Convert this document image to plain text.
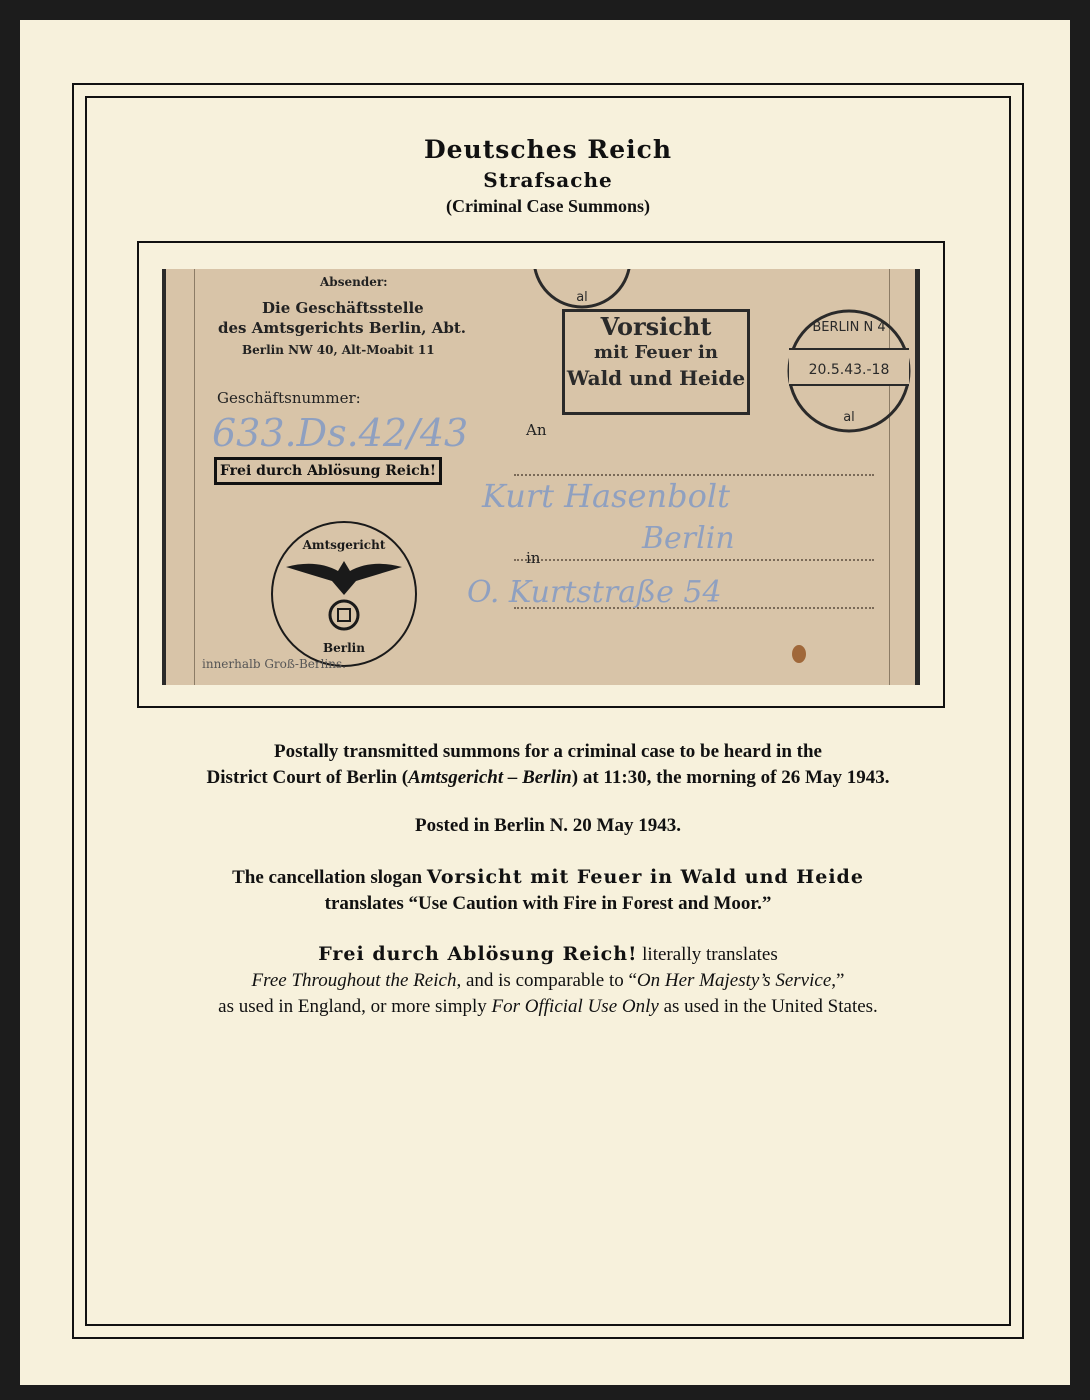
Deutsches Reich
Strafsache
(Criminal Case Summons)
Absender:
Die Geschäftsstelle
des Amtsgerichts Berlin, Abt.
Berlin NW 40, Alt-Moabit 11
Geschäftsnummer:
633.Ds.42/43
Frei durch Ablösung Reich!
Vorsicht
mit Feuer in
Wald und Heide
al
BERLIN N 4
20.5.43.-18
al
An
in
Kurt Hasenbolt
Berlin
O. Kurtstraße 54
Amtsgericht
Berlin
innerhalb Groß-Berlins.
Postally transmitted summons for a criminal case to be heard in the
District Court of Berlin (Amtsgericht – Berlin) at 11:30, the morning of 26 May 1943.
Posted in Berlin N. 20 May 1943.
The cancellation slogan Vorsicht mit Feuer in Wald und Heide
translates “Use Caution with Fire in Forest and Moor.”
Frei durch Ablösung Reich! literally translates
Free Throughout the Reich, and is comparable to “On Her Majesty’s Service,”
as used in England, or more simply For Official Use Only as used in the United States.
